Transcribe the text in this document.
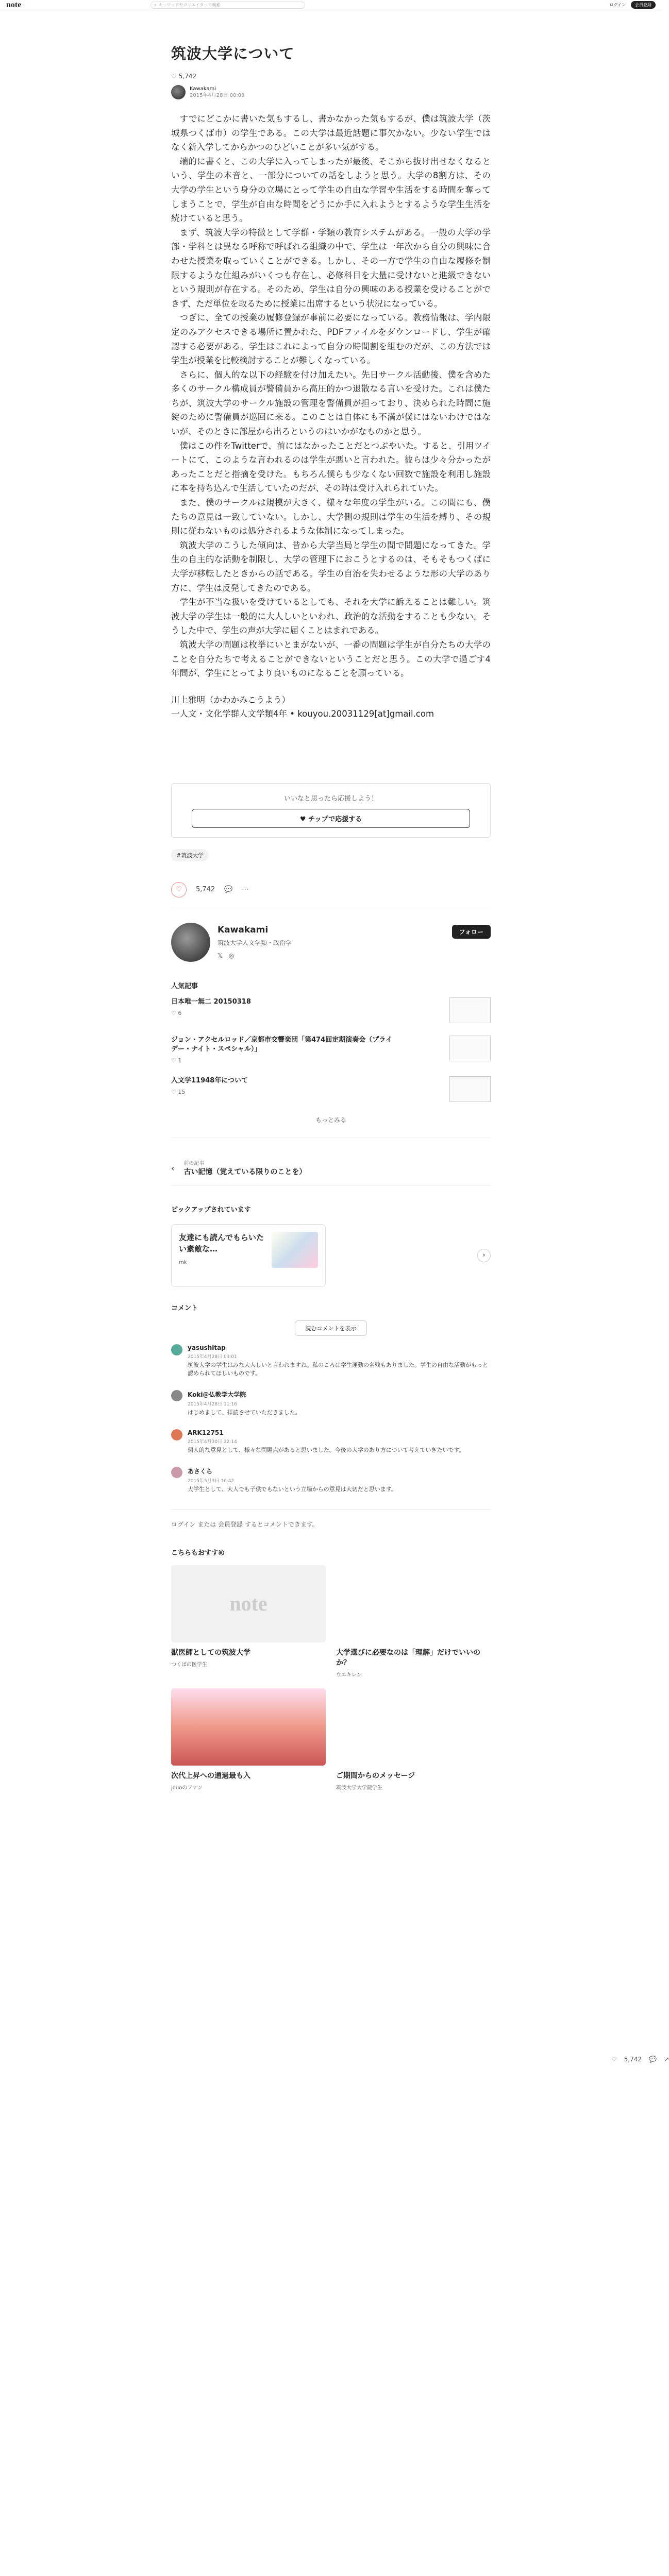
note	⌕ キーワードやクリエイターで検索	ログイン	会員登録
筑波大学について
♡ 5,742
Kawakami
2015年4月28日 00:08

すでにどこかに書いた気もするし、書かなかった気もするが、僕は筑波大学（茨城県つくば市）の学生である。この大学は最近話題に事欠かない。少ない学生ではなく新入学してからかつのひどいことが多い気がする。

端的に書くと、この大学に入ってしまったが最後、そこから抜け出せなくなるという、学生の本音と、一部分についての話をしようと思う。大学の8割方は、その大学の学生という身分の立場にとって学生の自由な学習や生活をする時間を奪ってしまうことで、学生が自由な時間をどうにか手に入れようとするような学生生活を続けていると思う。

まず、筑波大学の特徴として学群・学類の教育システムがある。一般の大学の学部・学科とは異なる呼称で呼ばれる組織の中で、学生は一年次から自分の興味に合わせた授業を取っていくことができる。しかし、その一方で学生の自由な履修を制限するような仕組みがいくつも存在し、必修科目を大量に受けないと進級できないという規則が存在する。そのため、学生は自分の興味のある授業を受けることができず、ただ単位を取るために授業に出席するという状況になっている。

つぎに、全ての授業の履修登録が事前に必要になっている。教務情報は、学内限定のみアクセスできる場所に置かれた、PDFファイルをダウンロードし、学生が確認する必要がある。学生はこれによって自分の時間割を組むのだが、この方法では学生が授業を比較検討することが難しくなっている。

さらに、個人的な以下の経験を付け加えたい。先日サークル活動後、僕を含めた多くのサークル構成員が警備員から高圧的かつ退散なる言いを受けた。これは僕たちが、筑波大学のサークル施設の管理を警備員が担っており、決められた時間に施錠のために警備員が巡回に来る。このことは自体にも不満が僕にはないわけではないが、そのときに部屋から出ろというのはいかがなものかと思う。

僕はこの件をTwitterで、前にはなかったことだとつぶやいた。すると、引用ツイートにて、このような言われるのは学生が悪いと言われた。彼らは少々分かったがあったことだと指摘を受けた。もちろん僕らも少なくない回数で施設を利用し施設に本を持ち込んで生活していたのだが、その時は受け入れられていた。

また、僕のサークルは規模が大きく、様々な年度の学生がいる。この間にも、僕たちの意見は一致していない。しかし、大学側の規則は学生の生活を縛り、その規則に従わないものは処分されるような体制になってしまった。

筑波大学のこうした傾向は、昔から大学当局と学生の間で問題になってきた。学生の自主的な活動を制限し、大学の管理下におこうとするのは、そもそもつくばに大学が移転したときからの話である。学生の自治を失わせるような形の大学のあり方に、学生は反発してきたのである。

学生が不当な扱いを受けているとしても、それを大学に訴えることは難しい。筑波大学の学生は一般的に大人しいといわれ、政治的な活動をすることも少ない。そうした中で、学生の声が大学に届くことはまれである。

筑波大学の問題は枚挙にいとまがないが、一番の問題は学生が自分たちの大学のことを自分たちで考えることができないということだと思う。この大学で過ごす4年間が、学生にとってより良いものになることを願っている。

川上雅明（かわかみこうよう）
一人文・文化学群人文学類4年 • kouyou.20031129[at]gmail.com
いいなと思ったら応援しよう！
♥ チップで応援する
#筑波大学
♡ 5,742 💬 ⋯
Kawakami
筑波大学人文学類・政治学
𝕏　 ◎
フォロー
人気記事
日本唯一無二 20150318
♡ 6
ジョン・アクセルロッド／京都市交響楽団「第474回定期演奏会（プライデー・ナイト・スペシャル）」
♡ 1
入文学11948年について
♡ 15
もっとみる
‹ 前の記事
古い記憶（覚えている限りのことを）
ピックアップされています
友達にも読んでもらいたい素敵な…
mk
›
コメント
読むコメントを表示
yasushitap
2015年4月28日 03:01
筑波大学の学生はみな大人しいと言われますね。私のころは学生運動の名残もありました。学生の自由な活動がもっと認められてほしいものです。
Koki@仏教学大学院
2015年4月28日 11:16
はじめまして、拝読させていただきました。
ARK12751
2015年4月30日 22:14
個人的な意見として、様々な問題点があると思いました。今後の大学のあり方について考えていきたいです。
あさくら
2015年5月3日 16:42
大学生として、大人でも子供でもないという立場からの意見は大切だと思います。
ログイン または 会員登録 するとコメントできます。
こちらもおすすめ
note
獣医師としての筑波大学
つくばの医学生
大学選びに必要なのは「理解」だけでいいのか？
ウエキレン
次代上昇への通過最も入
jouoのファン
ご期間からのメッセージ
筑波大学大学院学生
♡ 5,742 💬 ↗
